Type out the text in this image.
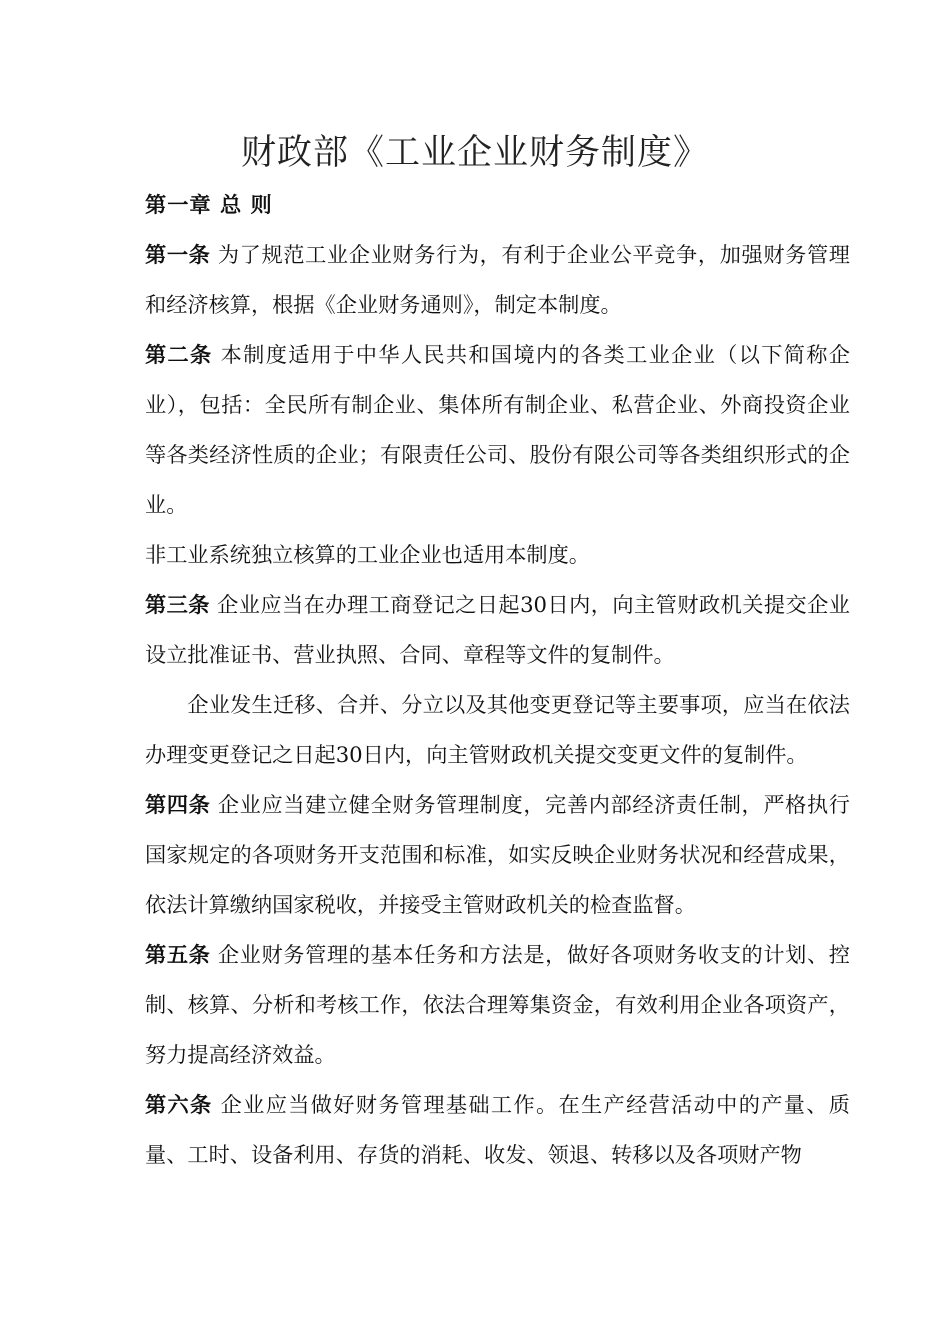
财政部《工业企业财务制度》

第一章 总 则

第一条 为了规范工业企业财务行为，有利于企业公平竞争，加强财务管理和经济核算，根据《企业财务通则》，制定本制度。

第二条 本制度适用于中华人民共和国境内的各类工业企业（以下简称企业），包括：全民所有制企业、集体所有制企业、私营企业、外商投资企业等各类经济性质的企业；有限责任公司、股份有限公司等各类组织形式的企业。

非工业系统独立核算的工业企业也适用本制度。

第三条 企业应当在办理工商登记之日起30日内，向主管财政机关提交企业设立批准证书、营业执照、合同、章程等文件的复制件。

企业发生迁移、合并、分立以及其他变更登记等主要事项，应当在依法办理变更登记之日起30日内，向主管财政机关提交变更文件的复制件。

第四条 企业应当建立健全财务管理制度，完善内部经济责任制，严格执行国家规定的各项财务开支范围和标准，如实反映企业财务状况和经营成果，依法计算缴纳国家税收，并接受主管财政机关的检查监督。

第五条 企业财务管理的基本任务和方法是，做好各项财务收支的计划、控制、核算、分析和考核工作，依法合理筹集资金，有效利用企业各项资产，努力提高经济效益。

第六条 企业应当做好财务管理基础工作。在生产经营活动中的产量、质量、工时、设备利用、存货的消耗、收发、领退、转移以及各项财产物
